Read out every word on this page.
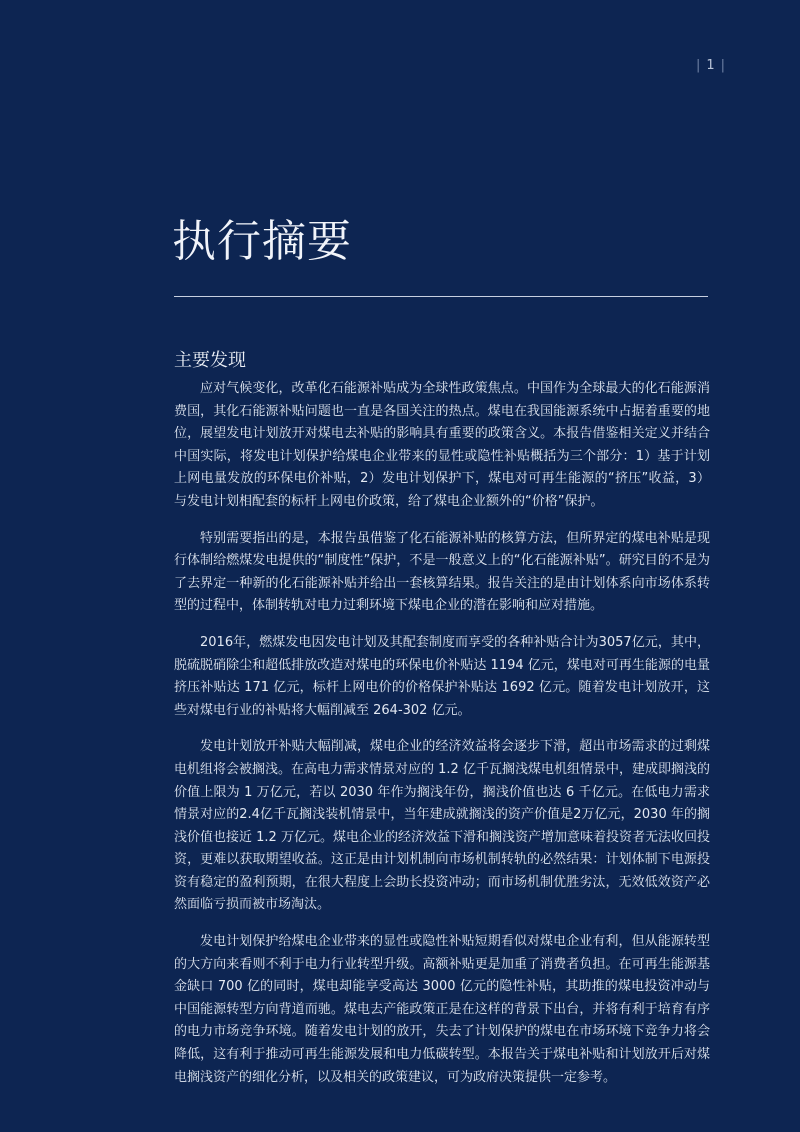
| 1 |
执行摘要
主要发现

应对气候变化，改革化石能源补贴成为全球性政策焦点。中国作为全球最大的化石能源消费国，其化石能源补贴问题也一直是各国关注的热点。煤电在我国能源系统中占据着重要的地位，展望发电计划放开对煤电去补贴的影响具有重要的政策含义。本报告借鉴相关定义并结合中国实际，将发电计划保护给煤电企业带来的显性或隐性补贴概括为三个部分：1）基于计划上网电量发放的环保电价补贴，2）发电计划保护下，煤电对可再生能源的“挤压”收益，3）与发电计划相配套的标杆上网电价政策，给了煤电企业额外的“价格”保护。

特别需要指出的是，本报告虽借鉴了化石能源补贴的核算方法，但所界定的煤电补贴是现行体制给燃煤发电提供的“制度性”保护，不是一般意义上的“化石能源补贴”。研究目的不是为了去界定一种新的化石能源补贴并给出一套核算结果。报告关注的是由计划体系向市场体系转型的过程中，体制转轨对电力过剩环境下煤电企业的潜在影响和应对措施。

2016年，燃煤发电因发电计划及其配套制度而享受的各种补贴合计为3057亿元，其中，脱硫脱硝除尘和超低排放改造对煤电的环保电价补贴达 1194 亿元，煤电对可再生能源的电量挤压补贴达 171 亿元，标杆上网电价的价格保护补贴达 1692 亿元。随着发电计划放开，这些对煤电行业的补贴将大幅削减至 264-302 亿元。

发电计划放开补贴大幅削减，煤电企业的经济效益将会逐步下滑，超出市场需求的过剩煤电机组将会被搁浅。在高电力需求情景对应的 1.2 亿千瓦搁浅煤电机组情景中，建成即搁浅的价值上限为 1 万亿元，若以 2030 年作为搁浅年份，搁浅价值也达 6 千亿元。在低电力需求情景对应的2.4亿千瓦搁浅装机情景中，当年建成就搁浅的资产价值是2万亿元，2030 年的搁浅价值也接近 1.2 万亿元。煤电企业的经济效益下滑和搁浅资产增加意味着投资者无法收回投资，更难以获取期望收益。这正是由计划机制向市场机制转轨的必然结果：计划体制下电源投资有稳定的盈利预期，在很大程度上会助长投资冲动；而市场机制优胜劣汰，无效低效资产必然面临亏损而被市场淘汰。

发电计划保护给煤电企业带来的显性或隐性补贴短期看似对煤电企业有利，但从能源转型的大方向来看则不利于电力行业转型升级。高额补贴更是加重了消费者负担。在可再生能源基金缺口 700 亿的同时，煤电却能享受高达 3000 亿元的隐性补贴，其助推的煤电投资冲动与中国能源转型方向背道而驰。煤电去产能政策正是在这样的背景下出台，并将有利于培育有序的电力市场竞争环境。随着发电计划的放开，失去了计划保护的煤电在市场环境下竞争力将会降低，这有利于推动可再生能源发展和电力低碳转型。本报告关于煤电补贴和计划放开后对煤电搁浅资产的细化分析，以及相关的政策建议，可为政府决策提供一定参考。
